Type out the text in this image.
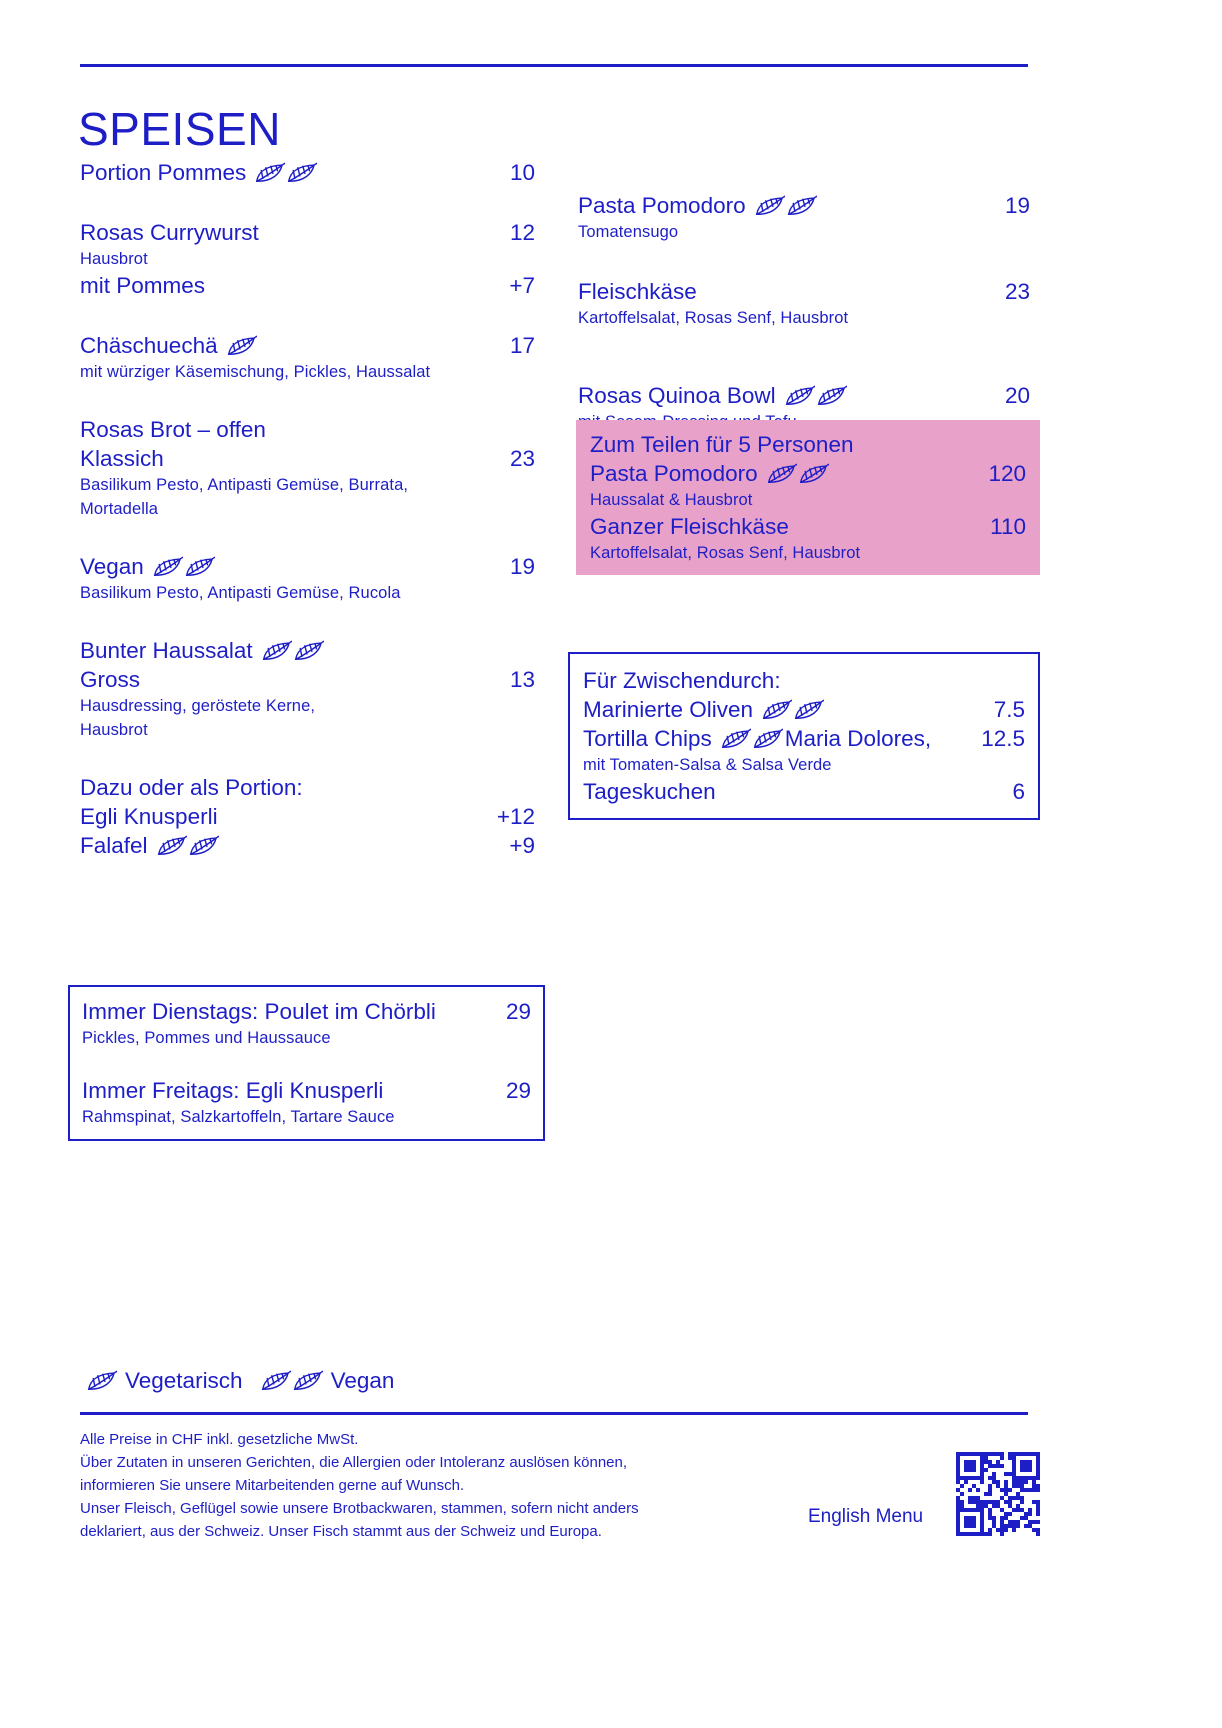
SPEISEN
Portion Pommes	10
Rosas Currywurst	12
Hausbrot
mit Pommes	+7
Chäschuechä	17
mit würziger Käsemischung, Pickles, Haussalat
Rosas Brot – offen
Klassich	23
Basilikum Pesto, Antipasti Gemüse, Burrata,
Mortadella
Vegan	19
Basilikum Pesto, Antipasti Gemüse, Rucola
Bunter Haussalat
Gross	13
Hausdressing, geröstete Kerne,
Hausbrot
Dazu oder als Portion:
Egli Knusperli	+12
Falafel	+9
Pasta Pomodoro	19
Tomatensugo
Fleischkäse	23
Kartoffelsalat, Rosas Senf, Hausbrot
Rosas Quinoa Bowl	20
Zum Teilen für 5 Personen
Pasta Pomodoro	120
Haussalat & Hausbrot
Ganzer Fleischkäse	110
Kartoffelsalat, Rosas Senf, Hausbrot
Für Zwischendurch:
Marinierte Oliven	7.5
Tortilla Chips	Maria Dolores,	12.5
mit Tomaten-Salsa & Salsa Verde
Tageskuchen	6
Immer Dienstags: Poulet im Chörbli	29
Pickles, Pommes und Haussauce
Immer Freitags: Egli Knusperli	29
Rahmspinat, Salzkartoffeln, Tartare Sauce
Vegetarisch	Vegan
Alle Preise in CHF inkl. gesetzliche MwSt.
Über Zutaten in unseren Gerichten, die Allergien oder Intoleranz auslösen können,
informieren Sie unsere Mitarbeitenden gerne auf Wunsch.
Unser Fleisch, Geflügel sowie unsere Brotbackwaren, stammen, sofern nicht anders
deklariert, aus der Schweiz. Unser Fisch stammt aus der Schweiz und Europa.
English Menu
